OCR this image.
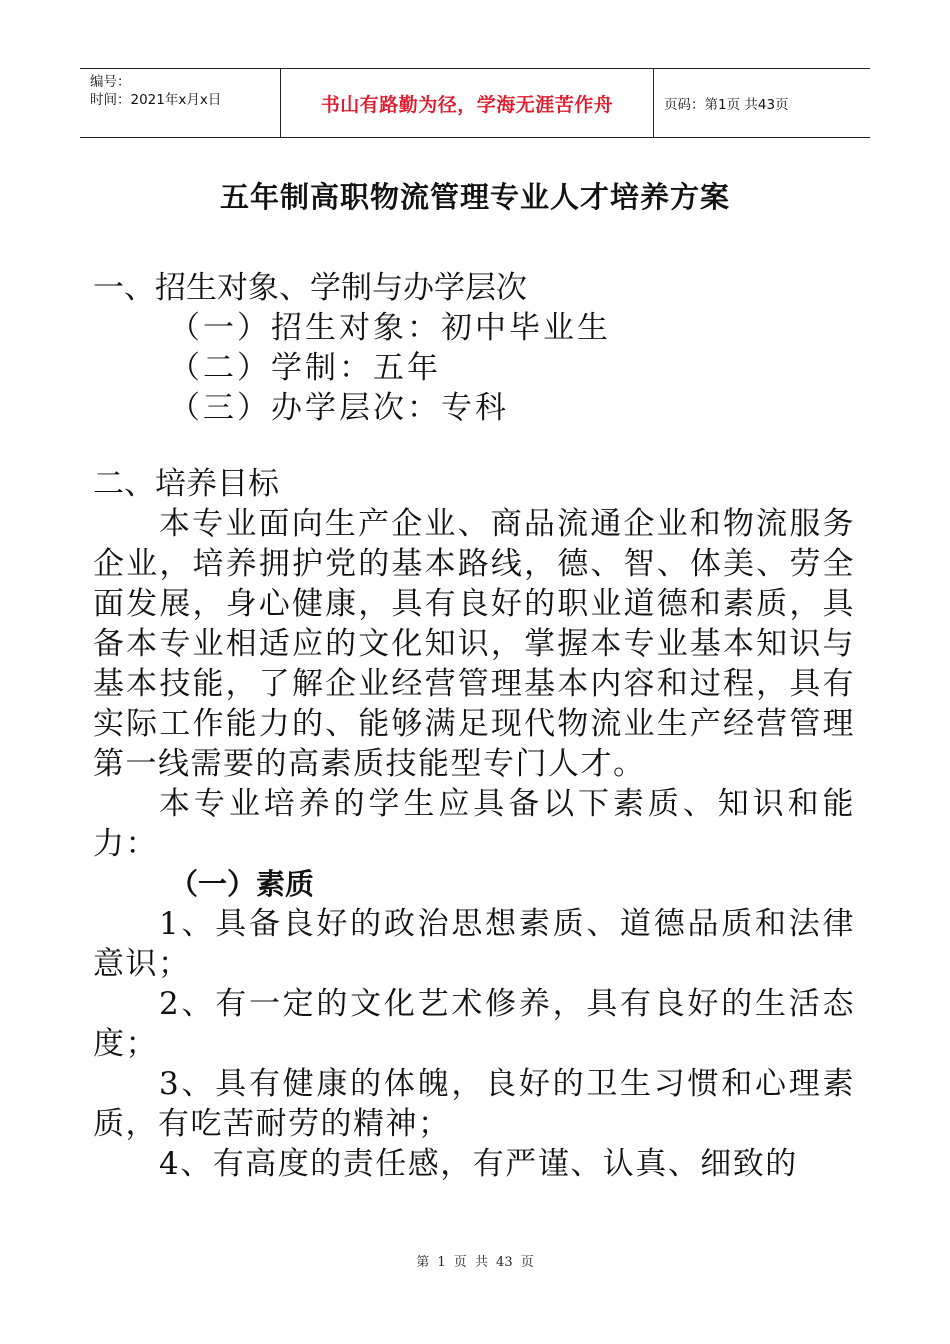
编号：
时间：2021年x月x日	书山有路勤为径，学海无涯苦作舟	页码：第1页 共43页
五年制高职物流管理专业人才培养方案
一、招生对象、学制与办学层次
（一）招生对象：初中毕业生
（二）学制：五年
（三）办学层次：专科
二、培养目标

本专业面向生产企业、商品流通企业和物流服务企业，培养拥护党的基本路线，德、智、体美、劳全面发展，身心健康，具有良好的职业道德和素质，具备本专业相适应的文化知识，掌握本专业基本知识与基本技能，了解企业经营管理基本内容和过程，具有实际工作能力的、能够满足现代物流业生产经营管理第一线需要的高素质技能型专门人才。

本专业培养的学生应具备以下素质、知识和能力：

（一）素质

1、具备良好的政治思想素质、道德品质和法律意识；

2、有一定的文化艺术修养，具有良好的生活态度；

3、具有健康的体魄，良好的卫生习惯和心理素质，有吃苦耐劳的精神；

4、有高度的责任感，有严谨、认真、细致的

第 1 页 共 43 页
